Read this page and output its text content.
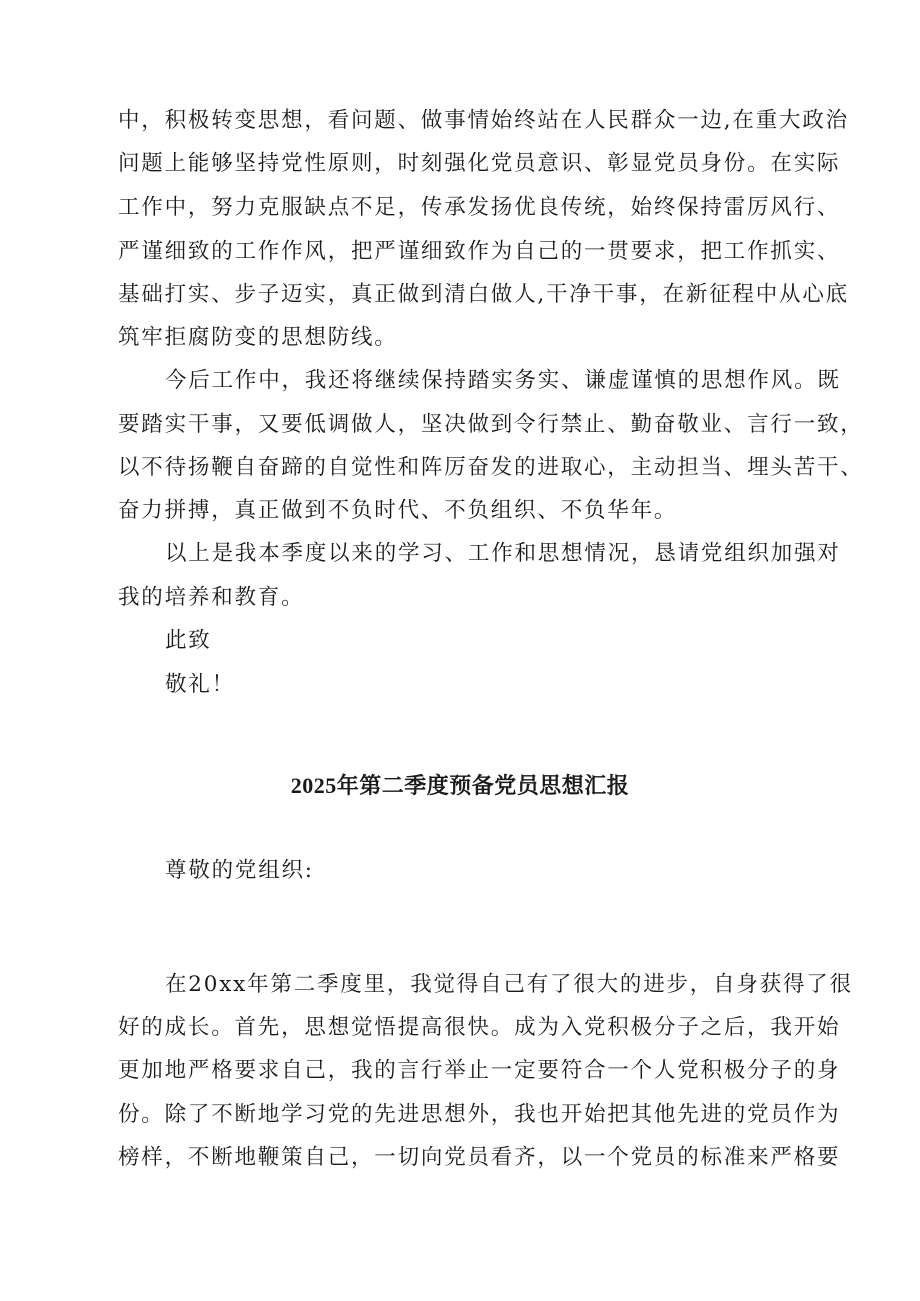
中，积极转变思想，看问题、做事情始终站在人民群众一边,在重大政治
问题上能够坚持党性原则，时刻强化党员意识、彰显党员身份。在实际
工作中，努力克服缺点不足，传承发扬优良传统，始终保持雷厉风行、
严谨细致的工作作风，把严谨细致作为自己的一贯要求，把工作抓实、
基础打实、步子迈实，真正做到清白做人,干净干事，在新征程中从心底
筑牢拒腐防变的思想防线。
今后工作中，我还将继续保持踏实务实、谦虚谨慎的思想作风。既
要踏实干事，又要低调做人，坚决做到令行禁止、勤奋敬业、言行一致，
以不待扬鞭自奋蹄的自觉性和阵厉奋发的进取心，主动担当、埋头苦干、
奋力拼搏，真正做到不负时代、不负组织、不负华年。
以上是我本季度以来的学习、工作和思想情况，恳请党组织加强对
我的培养和教育。
此致
敬礼！
2025年第二季度预备党员思想汇报
尊敬的党组织:
在20xx年第二季度里，我觉得自己有了很大的进步，自身获得了很
好的成长。首先，思想觉悟提高很快。成为入党积极分子之后，我开始
更加地严格要求自己，我的言行举止一定要符合一个人党积极分子的身
份。除了不断地学习党的先进思想外，我也开始把其他先进的党员作为
榜样，不断地鞭策自己，一切向党员看齐，以一个党员的标准来严格要
